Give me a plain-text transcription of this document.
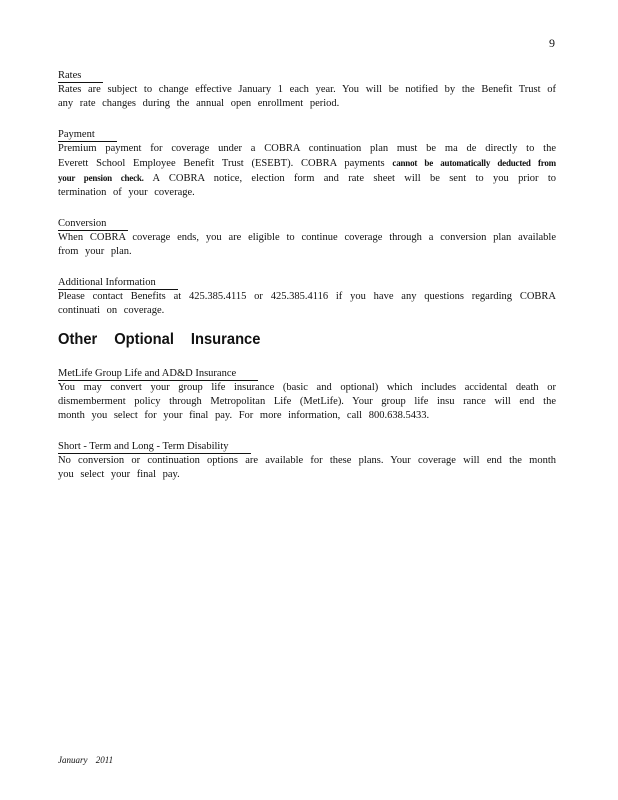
9
Rates

Rates are subject to change effective January 1 each year. You will be notified by the Benefit Trust of any rate changes during the annual open enrollment period.

Payment

Premium payment for coverage under a COBRA continuation plan must be ma de directly to the Everett School Employee Benefit Trust (ESEBT). COBRA payments cannot be automatically deducted from your pension check. A COBRA notice, election form and rate sheet will be sent to you prior to termination of your coverage.

Conversion

When COBRA coverage ends, you are eligible to continue coverage through a conversion plan available from your plan.

Additional Information

Please contact Benefits at 425.385.4115 or 425.385.4116 if you have any questions regarding COBRA continuati on coverage.

Other Optional Insurance
MetLife Group Life and AD&D Insurance

You may convert your group life insurance (basic and optional) which includes accidental death or dismemberment policy through Metropolitan Life (MetLife). Your group life insu rance will end the month you select for your final pay. For more information, call 800.638.5433.

Short - Term and Long - Term Disability

No conversion or continuation options are available for these plans. Your coverage will end the month you select your final pay.

January 2011
